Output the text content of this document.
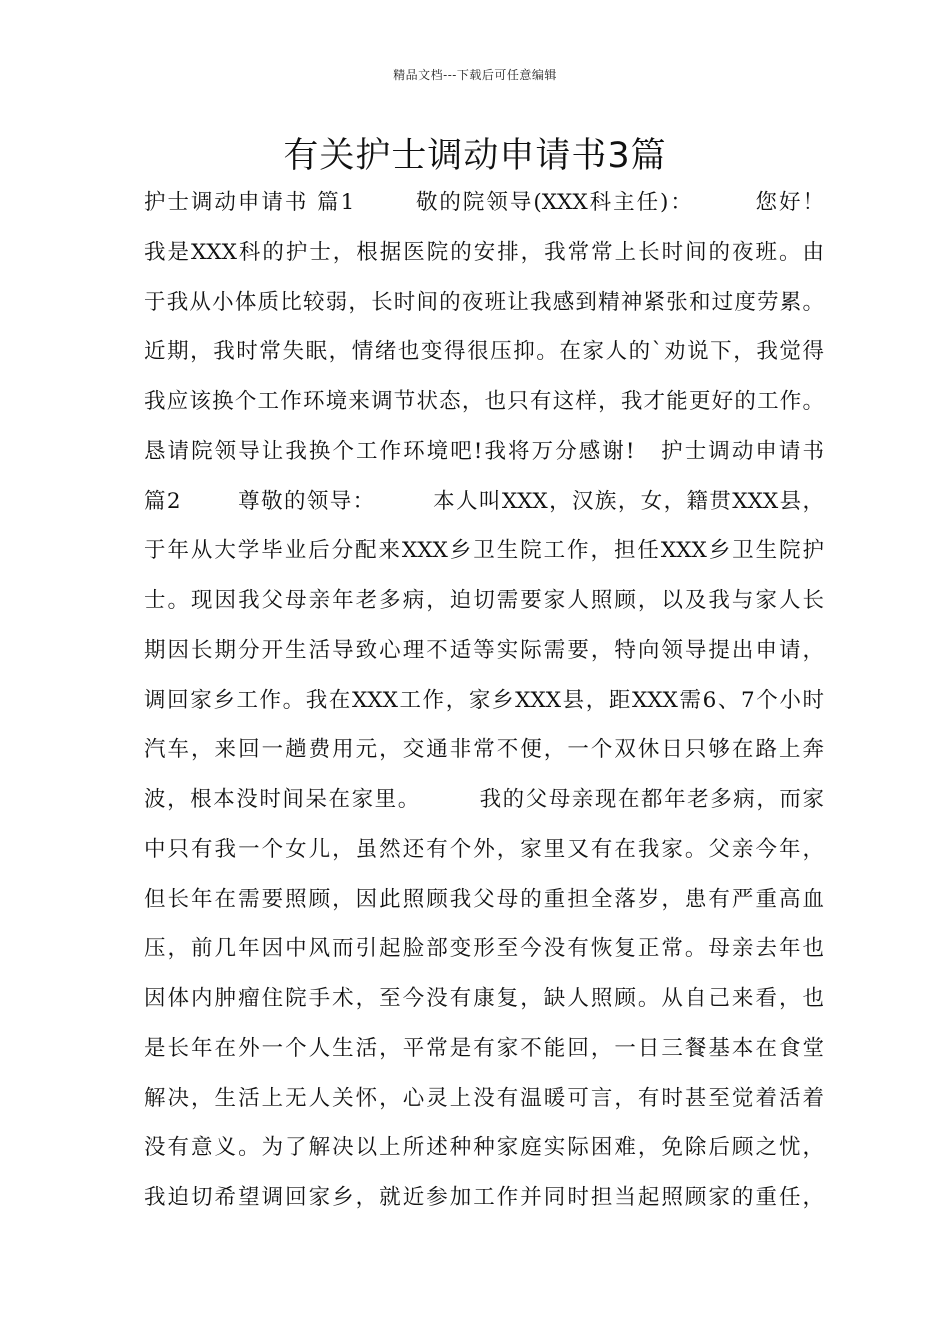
精品文档---下载后可任意编辑
有关护士调动申请书3篇
护士调动申请书 篇1       敬的院领导(XXX科主任)：       您好！
我是XXX科的护士，根据医院的安排，我常常上长时间的夜班。由
于我从小体质比较弱，长时间的夜班让我感到精神紧张和过度劳累。
近期，我时常失眠，情绪也变得很压抑。在家人的`劝说下，我觉得
我应该换个工作环境来调节状态，也只有这样，我才能更好的工作。
恳请院领导让我换个工作环境吧!我将万分感谢!   护士调动申请书
篇2       尊敬的领导：       本人叫XXX，汉族，女，籍贯XXX县，
于年从大学毕业后分配来XXX乡卫生院工作，担任XXX乡卫生院护
士。现因我父母亲年老多病，迫切需要家人照顾，以及我与家人长
期因长期分开生活导致心理不适等实际需要，特向领导提出申请，
调回家乡工作。我在XXX工作，家乡XXX县，距XXX需6、7个小时
汽车，来回一趟费用元，交通非常不便，一个双休日只够在路上奔
波，根本没时间呆在家里。       我的父母亲现在都年老多病，而家
中只有我一个女儿，虽然还有个外，家里又有在我家。父亲今年，
但长年在需要照顾，因此照顾我父母的重担全落岁，患有严重高血
压，前几年因中风而引起脸部变形至今没有恢复正常。母亲去年也
因体内肿瘤住院手术，至今没有康复，缺人照顾。从自己来看，也
是长年在外一个人生活，平常是有家不能回，一日三餐基本在食堂
解决，生活上无人关怀，心灵上没有温暖可言，有时甚至觉着活着
没有意义。为了解决以上所述种种家庭实际困难，免除后顾之忧，
我迫切希望调回家乡，就近参加工作并同时担当起照顾家的重任，
